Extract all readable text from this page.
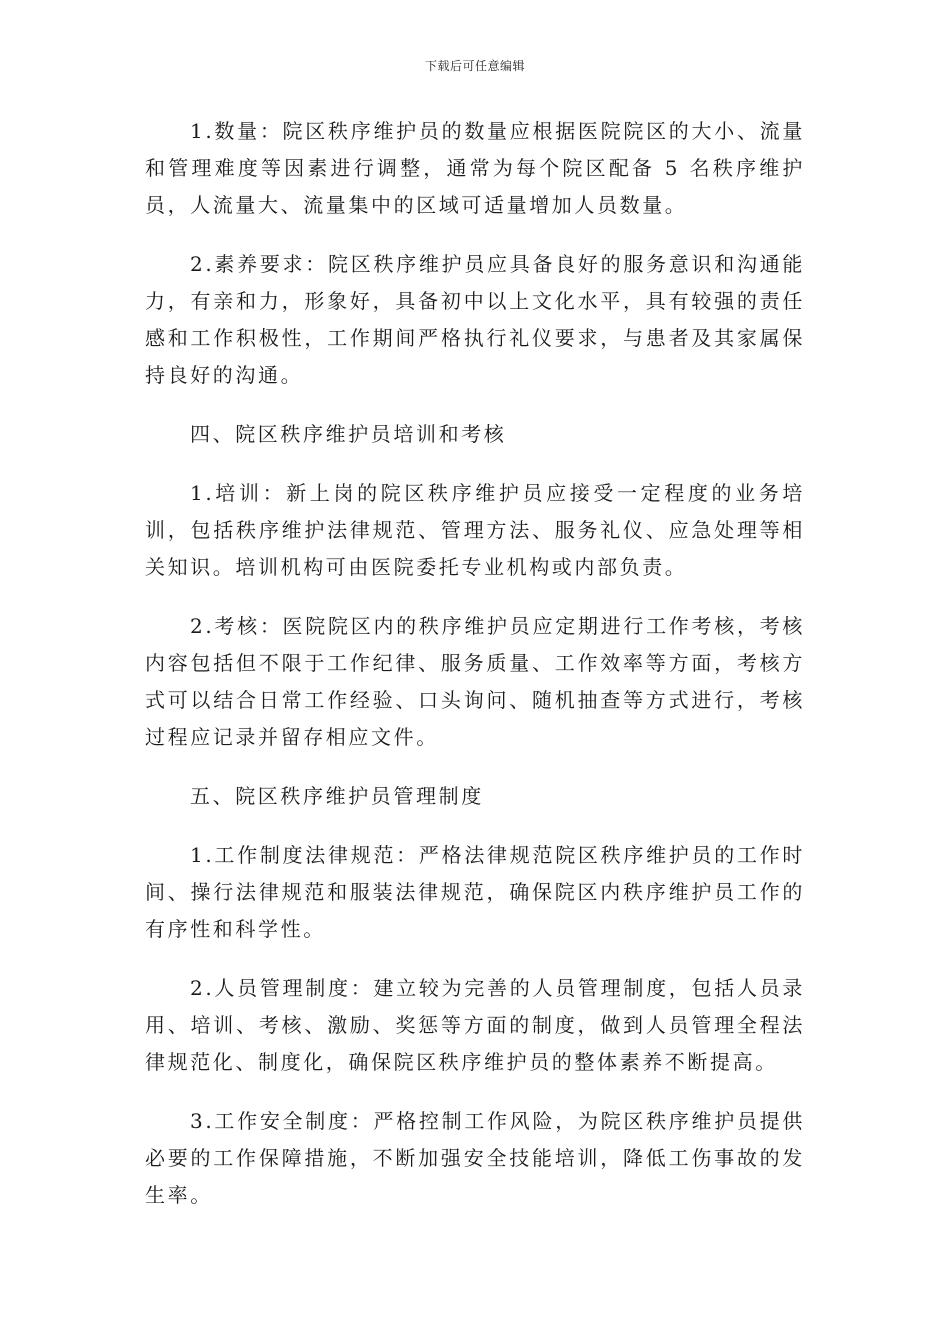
下载后可任意编辑

1.数量：院区秩序维护员的数量应根据医院院区的大小、流量和管理难度等因素进行调整，通常为每个院区配备 5 名秩序维护员，人流量大、流量集中的区域可适量增加人员数量。

2.素养要求：院区秩序维护员应具备良好的服务意识和沟通能力，有亲和力，形象好，具备初中以上文化水平，具有较强的责任感和工作积极性，工作期间严格执行礼仪要求，与患者及其家属保持良好的沟通。

四、院区秩序维护员培训和考核

1.培训：新上岗的院区秩序维护员应接受一定程度的业务培训，包括秩序维护法律规范、管理方法、服务礼仪、应急处理等相关知识。培训机构可由医院委托专业机构或内部负责。

2.考核：医院院区内的秩序维护员应定期进行工作考核，考核内容包括但不限于工作纪律、服务质量、工作效率等方面，考核方式可以结合日常工作经验、口头询问、随机抽查等方式进行，考核过程应记录并留存相应文件。

五、院区秩序维护员管理制度

1.工作制度法律规范：严格法律规范院区秩序维护员的工作时间、操行法律规范和服装法律规范，确保院区内秩序维护员工作的有序性和科学性。

2.人员管理制度：建立较为完善的人员管理制度，包括人员录用、培训、考核、激励、奖惩等方面的制度，做到人员管理全程法律规范化、制度化，确保院区秩序维护员的整体素养不断提高。

3.工作安全制度：严格控制工作风险，为院区秩序维护员提供必要的工作保障措施，不断加强安全技能培训，降低工伤事故的发生率。
